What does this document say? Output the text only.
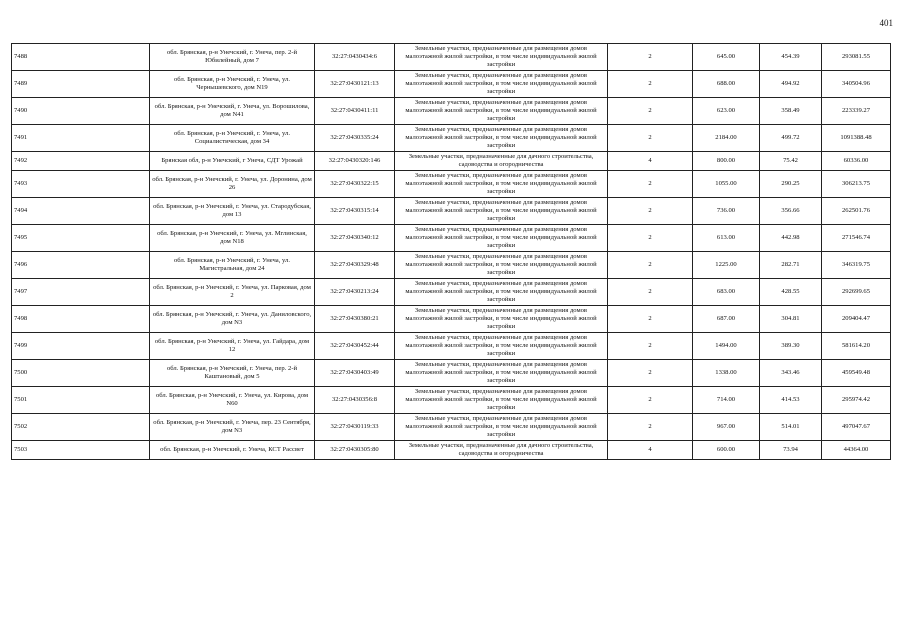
401
7488	обл. Брянская, р-н Унечский, г. Унеча, пер. 2-й Юбилейный, дом 7	32:27:0430434:6	Земельные участки, предназначенные для размещения домов малоэтажной жилой застройки, в том числе индивидуальной жилой застройки	2	645.00	454.39	293081.55
7489	обл. Брянская, р-н Унечский, г. Унеча, ул. Чернышевского, дом N19	32:27:0430121:13	Земельные участки, предназначенные для размещения домов малоэтажной жилой застройки, в том числе индивидуальной жилой застройки	2	688.00	494.92	340504.96
7490	обл. Брянская, р-н Унечский, г. Унеча, ул. Ворошилова, дом N41	32:27:0430411:11	Земельные участки, предназначенные для размещения домов малоэтажной жилой застройки, в том числе индивидуальной жилой застройки	2	623.00	358.49	223339.27
7491	обл. Брянская, р-н Унечский, г. Унеча, ул. Социалистическая, дом 34	32:27:0430335:24	Земельные участки, предназначенные для размещения домов малоэтажной жилой застройки, в том числе индивидуальной жилой застройки	2	2184.00	499.72	1091388.48
7492	Брянская обл, р-н Унечский, г Унеча, СДТ Урожай	32:27:0430320:146	Земельные участки, предназначенные для дачного строительства, садоводства и огородничества	4	800.00	75.42	60336.00
7493	обл. Брянская, р-н Унечский, г. Унеча, ул. Доронина, дом 26	32:27:0430322:15	Земельные участки, предназначенные для размещения домов малоэтажной жилой застройки, в том числе индивидуальной жилой застройки	2	1055.00	290.25	306213.75
7494	обл. Брянская, р-н Унечский, г. Унеча, ул. Стародубская, дом 13	32:27:0430315:14	Земельные участки, предназначенные для размещения домов малоэтажной жилой застройки, в том числе индивидуальной жилой застройки	2	736.00	356.66	262501.76
7495	обл. Брянская, р-н Унечский, г. Унеча, ул. Мглинская, дом N18	32:27:0430340:12	Земельные участки, предназначенные для размещения домов малоэтажной жилой застройки, в том числе индивидуальной жилой застройки	2	613.00	442.98	271546.74
7496	обл. Брянская, р-н Унечский, г. Унеча, ул. Магистральная, дом 24	32:27:0430329:48	Земельные участки, предназначенные для размещения домов малоэтажной жилой застройки, в том числе индивидуальной жилой застройки	2	1225.00	282.71	346319.75
7497	обл. Брянская, р-н Унечский, г. Унеча, ул. Парковая, дом 2	32:27:0430213:24	Земельные участки, предназначенные для размещения домов малоэтажной жилой застройки, в том числе индивидуальной жилой застройки	2	683.00	428.55	292699.65
7498	обл. Брянская, р-н Унечский, г. Унеча, ул. Даниловского, дом N3	32:27:0430380:21	Земельные участки, предназначенные для размещения домов малоэтажной жилой застройки, в том числе индивидуальной жилой застройки	2	687.00	304.81	209404.47
7499	обл. Брянская, р-н Унечский, г. Унеча, ул. Гайдара, дом 12	32:27:0430452:44	Земельные участки, предназначенные для размещения домов малоэтажной жилой застройки, в том числе индивидуальной жилой застройки	2	1494.00	389.30	581614.20
7500	обл. Брянская, р-н Унечский, г. Унеча, пер. 2-й Каштановый, дом 5	32:27:0430403:49	Земельные участки, предназначенные для размещения домов малоэтажной жилой застройки, в том числе индивидуальной жилой застройки	2	1338.00	343.46	459549.48
7501	обл. Брянская, р-н Унечский, г. Унеча, ул. Кирова, дом N60	32:27:0430356:8	Земельные участки, предназначенные для размещения домов малоэтажной жилой застройки, в том числе индивидуальной жилой застройки	2	714.00	414.53	295974.42
7502	обл. Брянская, р-н Унечский, г. Унеча, пер. 23 Сентября, дом N3	32:27:0430119:33	Земельные участки, предназначенные для размещения домов малоэтажной жилой застройки, в том числе индивидуальной жилой застройки	2	967.00	514.01	497047.67
7503	обл. Брянская, р-н Унечский, г. Унеча, КСТ Рассвет	32:27:0430305:80	Земельные участки, предназначенные для дачного строительства, садоводства и огородничества	4	600.00	73.94	44364.00
